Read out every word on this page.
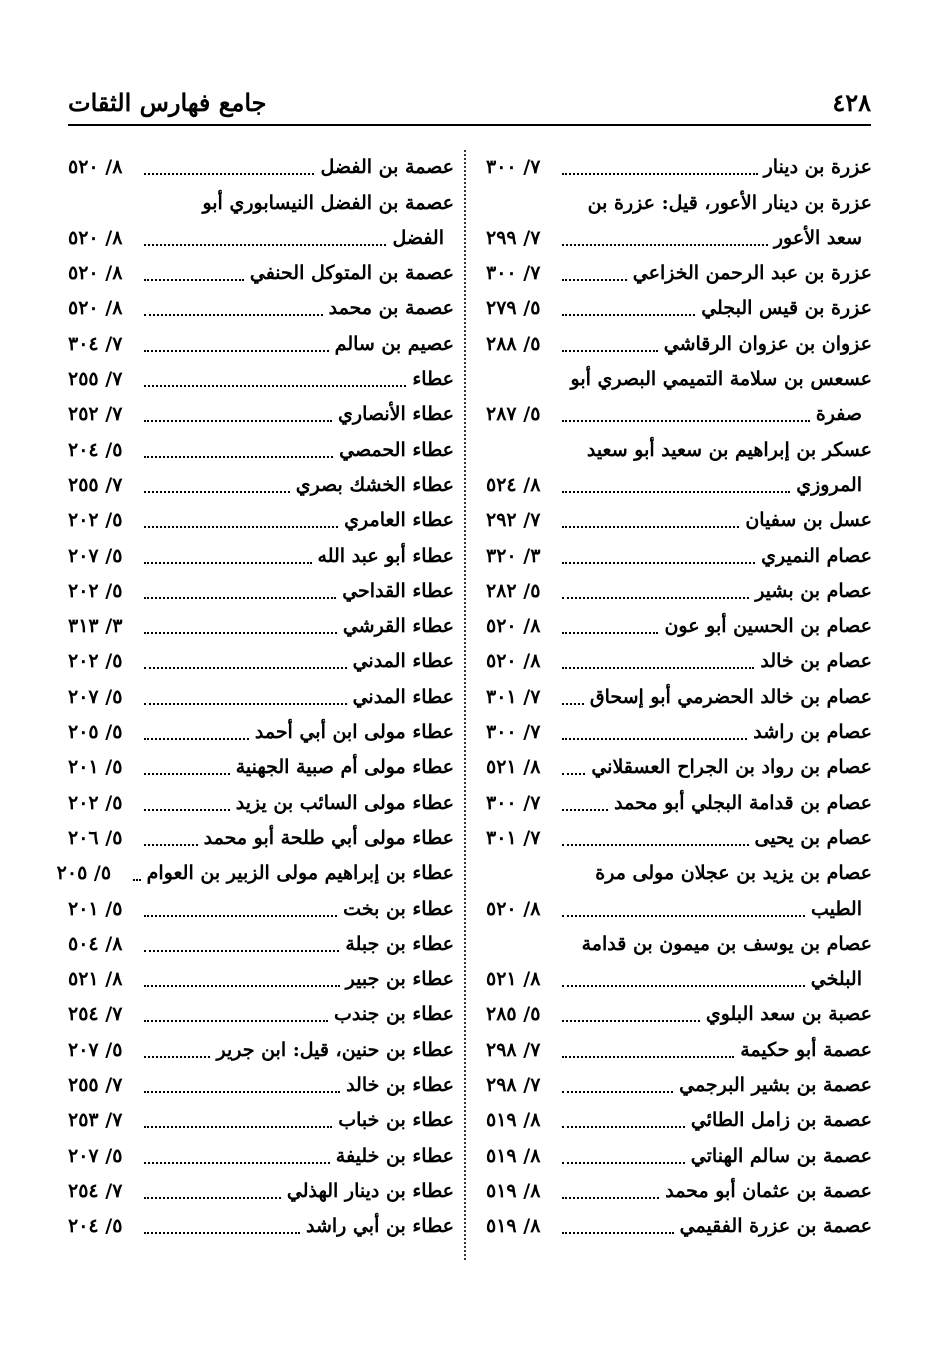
٤٢٨
جامع فهارس الثقات
عزرة بن دينار
٧/ ٣٠٠
عزرة بن دينار الأعور، قيل: عزرة بن
سعد الأعور
٧/ ٢٩٩
عزرة بن عبد الرحمن الخزاعي
٧/ ٣٠٠
عزرة بن قيس البجلي
٥/ ٢٧٩
عزوان بن عزوان الرقاشي
٥/ ٢٨٨
عسعس بن سلامة التميمي البصري أبو
صفرة
٥/ ٢٨٧
عسكر بن إبراهيم بن سعيد أبو سعيد
المروزي
٨/ ٥٢٤
عسل بن سفيان
٧/ ٢٩٢
عصام النميري
٣/ ٣٢٠
عصام بن بشير
٥/ ٢٨٢
عصام بن الحسين أبو عون
٨/ ٥٢٠
عصام بن خالد
٨/ ٥٢٠
عصام بن خالد الحضرمي أبو إسحاق
٧/ ٣٠١
عصام بن راشد
٧/ ٣٠٠
عصام بن رواد بن الجراح العسقلاني
٨/ ٥٢١
عصام بن قدامة البجلي أبو محمد
٧/ ٣٠٠
عصام بن يحيى
٧/ ٣٠١
عصام بن يزيد بن عجلان مولى مرة
الطيب
٨/ ٥٢٠
عصام بن يوسف بن ميمون بن قدامة
البلخي
٨/ ٥٢١
عصبة بن سعد البلوي
٥/ ٢٨٥
عصمة أبو حكيمة
٧/ ٢٩٨
عصمة بن بشير البرجمي
٧/ ٢٩٨
عصمة بن زامل الطائي
٨/ ٥١٩
عصمة بن سالم الهناتي
٨/ ٥١٩
عصمة بن عثمان أبو محمد
٨/ ٥١٩
عصمة بن عزرة الفقيمي
٨/ ٥١٩
عصمة بن الفضل
٨/ ٥٢٠
عصمة بن الفضل النيسابوري أبو
الفضل
٨/ ٥٢٠
عصمة بن المتوكل الحنفي
٨/ ٥٢٠
عصمة بن محمد
٨/ ٥٢٠
عصيم بن سالم
٧/ ٣٠٤
عطاء
٧/ ٢٥٥
عطاء الأنصاري
٧/ ٢٥٢
عطاء الحمصي
٥/ ٢٠٤
عطاء الخشك بصري
٧/ ٢٥٥
عطاء العامري
٥/ ٢٠٢
عطاء أبو عبد الله
٥/ ٢٠٧
عطاء القداحي
٥/ ٢٠٢
عطاء القرشي
٣/ ٣١٣
عطاء المدني
٥/ ٢٠٢
عطاء المدني
٥/ ٢٠٧
عطاء مولى ابن أبي أحمد
٥/ ٢٠٥
عطاء مولى أم صبية الجهنية
٥/ ٢٠١
عطاء مولى السائب بن يزيد
٥/ ٢٠٢
عطاء مولى أبي طلحة أبو محمد
٥/ ٢٠٦
عطاء بن إبراهيم مولى الزبير بن العوام
٥/ ٢٠٥
عطاء بن بخت
٥/ ٢٠١
عطاء بن جبلة
٨/ ٥٠٤
عطاء بن جبير
٨/ ٥٢١
عطاء بن جندب
٧/ ٢٥٤
عطاء بن حنين، قيل: ابن جرير
٥/ ٢٠٧
عطاء بن خالد
٧/ ٢٥٥
عطاء بن خباب
٧/ ٢٥٣
عطاء بن خليفة
٥/ ٢٠٧
عطاء بن دينار الهذلي
٧/ ٢٥٤
عطاء بن أبي راشد
٥/ ٢٠٤
